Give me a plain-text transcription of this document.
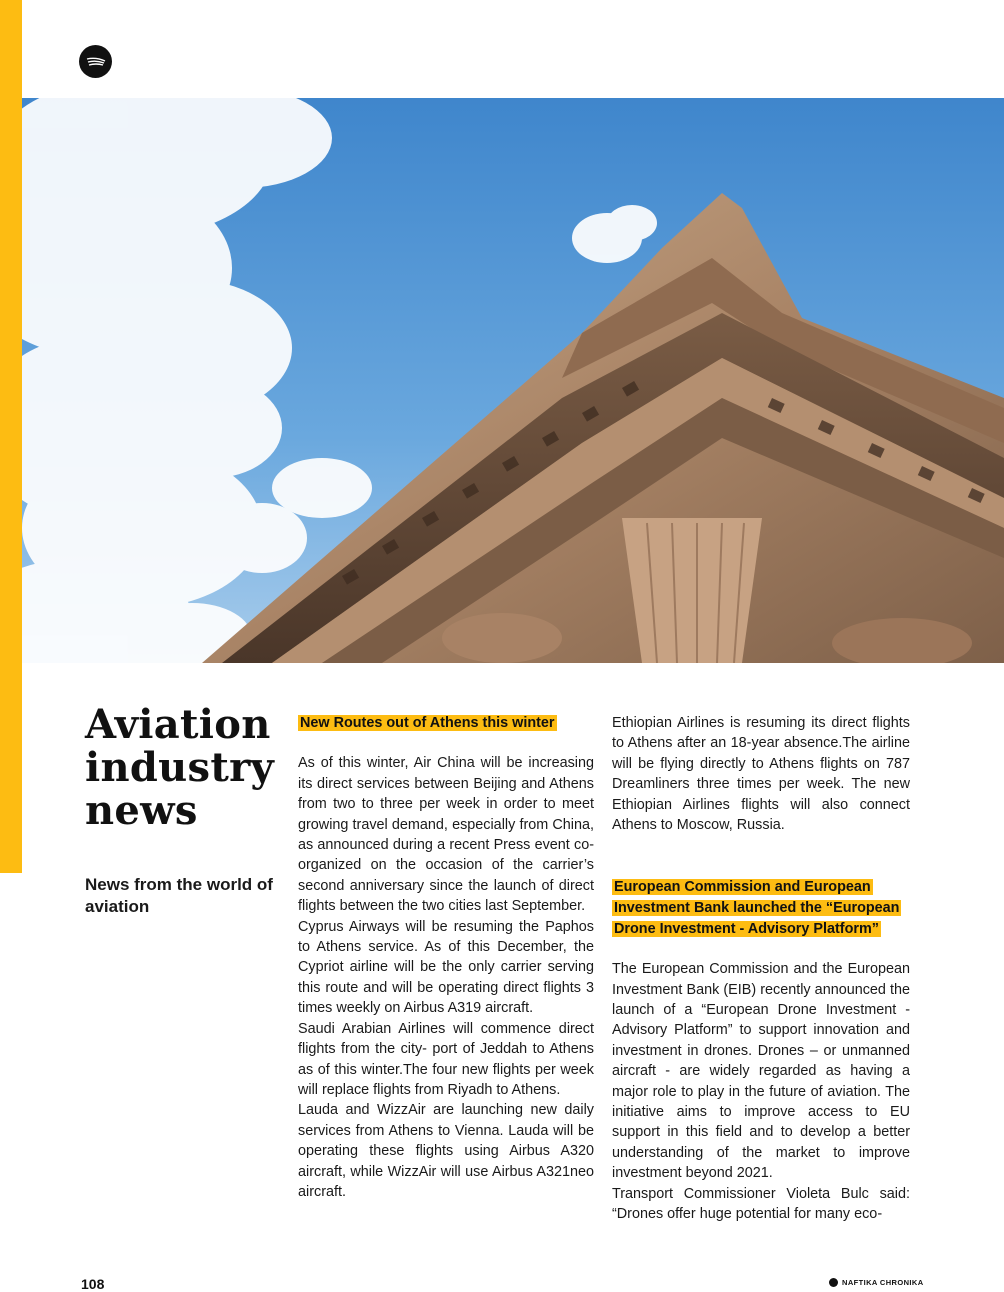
Aviation industry news

News from the world of aviation

New Routes out of Athens this winter

As of this winter, Air China will be increasing its direct services between Beijing and Athens from two to three per week in order to meet growing travel demand, especially from China, as announced during a recent Press event co-organized on the occasion of the carrier’s second anniversary since the launch of direct flights between the two cities last September.

Cyprus Airways will be resuming the Paphos to Athens service. As of this December, the Cypriot airline will be the only carrier serving this route and will be operating direct flights 3 times weekly on Airbus A319 aircraft.

Saudi Arabian Airlines will commence direct flights from the city- port of Jeddah to Athens as of this winter.The four new flights per week will replace flights from Riyadh to Athens.

Lauda and WizzAir are launching new daily services from Athens to Vienna. Lauda will be operating these flights using Airbus A320 aircraft, while WizzAir will use Airbus A321neo aircraft.

Ethiopian Airlines is resuming its direct flights to Athens after an 18-year absence.The airline will be flying directly to Athens flights on 787 Dreamliners three times per week. The new Ethiopian Airlines flights will also connect Athens to Moscow, Russia.

European Commission and European Investment Bank launched the “European Drone Investment - Advisory Platform”

The European Commission and the European Investment Bank (EIB) recently announced the launch of a “European Drone Investment - Advisory Platform” to support innovation and investment in drones. Drones – or unmanned aircraft - are widely regarded as having a major role to play in the future of aviation. The initiative aims to improve access to EU support in this field and to develop a better understanding of the market to improve investment beyond 2021.

Transport Commissioner Violeta Bulc said: “Drones offer huge potential for many eco-

108	NAFTIKA CHRONIKA
